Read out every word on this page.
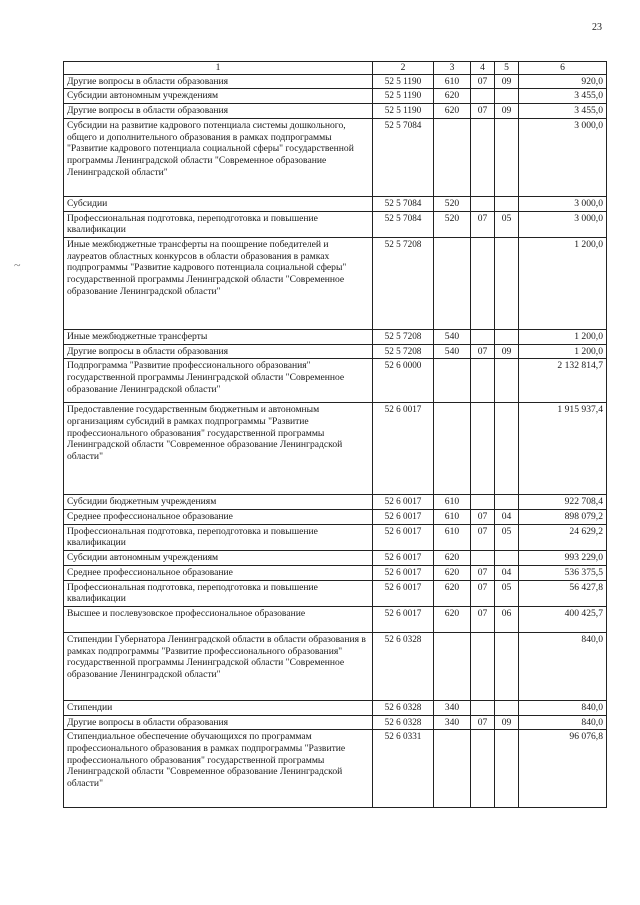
23
~
1	2	3	4	5	6
Другие вопросы в области образования	52 5 1190	610	07	09	920,0
Субсидии автономным учреждениям	52 5 1190	620			3 455,0
Другие вопросы в области образования	52 5 1190	620	07	09	3 455,0
Субсидии на развитие кадрового потенциала системы дошкольного, общего и дополнительного образования в рамках подпрограммы "Развитие кадрового потенциала социальной сферы" государственной программы Ленинградской области "Современное образование Ленинградской области"	52 5 7084				3 000,0
Субсидии	52 5 7084	520			3 000,0
Профессиональная подготовка, переподготовка и повышение квалификации	52 5 7084	520	07	05	3 000,0
Иные межбюджетные трансферты на поощрение победителей и лауреатов областных конкурсов в области образования в рамках подпрограммы "Развитие кадрового потенциала социальной сферы" государственной программы Ленинградской области "Современное образование Ленинградской области"	52 5 7208				1 200,0
Иные межбюджетные трансферты	52 5 7208	540			1 200,0
Другие вопросы в области образования	52 5 7208	540	07	09	1 200,0
Подпрограмма "Развитие профессионального образования" государственной программы Ленинградской области "Современное образование Ленинградской области"	52 6 0000				2 132 814,7
Предоставление государственным бюджетным и автономным организациям субсидий в рамках подпрограммы "Развитие профессионального образования" государственной программы Ленинградской области "Современное образование Ленинградской области"	52 6 0017				1 915 937,4
Субсидии бюджетным учреждениям	52 6 0017	610			922 708,4
Среднее профессиональное образование	52 6 0017	610	07	04	898 079,2
Профессиональная подготовка, переподготовка и повышение квалификации	52 6 0017	610	07	05	24 629,2
Субсидии автономным учреждениям	52 6 0017	620			993 229,0
Среднее профессиональное образование	52 6 0017	620	07	04	536 375,5
Профессиональная подготовка, переподготовка и повышение квалификации	52 6 0017	620	07	05	56 427,8
Высшее и послевузовское профессиональное образование	52 6 0017	620	07	06	400 425,7
Стипендии Губернатора Ленинградской области в области образования в рамках подпрограммы "Развитие профессионального образования" государственной программы Ленинградской области "Современное образование Ленинградской области"	52 6 0328				840,0
Стипендии	52 6 0328	340			840,0
Другие вопросы в области образования	52 6 0328	340	07	09	840,0
Стипендиальное обеспечение обучающихся по программам профессионального образования в рамках подпрограммы "Развитие профессионального образования" государственной программы Ленинградской области "Современное образование Ленинградской области"	52 6 0331				96 076,8
